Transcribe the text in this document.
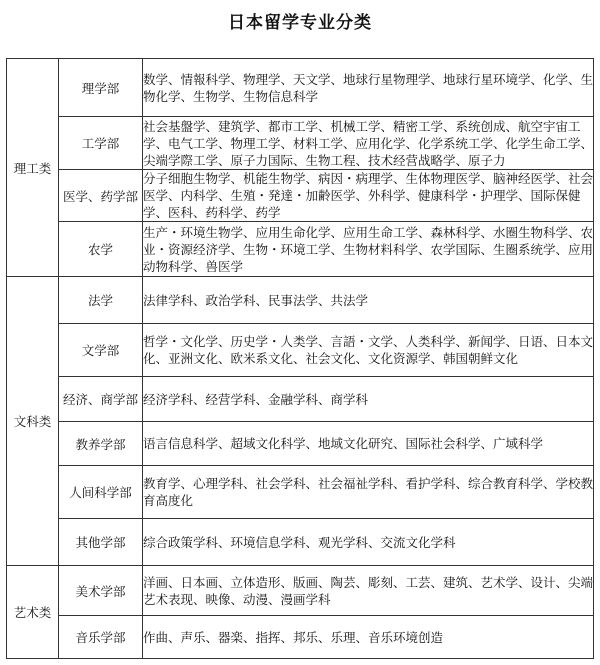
日本留学专业分类
理工类	理学部	数学、情報科学、物理学、天文学、地球行星物理学、地球行星环境学、化学、生物化学、生物学、生物信息科学
	工学部	社会基盤学、建筑学、都市工学、机械工学、精密工学、系统创成、航空宇宙工学、电气工学、物理工学、材料工学、应用化学、化学系统工学、化学生命工学、尖端学際工学、原子力国际、生物工程、技术经营战略学、原子力
	医学、药学部	分子细胞生物学、机能生物学、病因・病理学、生体物理医学、脑神经医学、社会医学、内科学、生殖・発達・加齢医学、外科学、健康科学・护理学、国际保健学、医科、药科学、药学
	农学	生产・环境生物学、应用生命化学、应用生命工学、森林科学、水圈生物科学、农业・资源经济学、生物・环境工学、生物材料科学、农学国际、生圈系统学、应用动物科学、兽医学
文科类	法学	法律学科、政治学科、民事法学、共法学
	文学部	哲学・文化学、历史学・人类学、言語・文学、人类科学、新闻学、日语、日本文化、亚洲文化、欧米系文化、社会文化、文化资源学、韩国朝鲜文化
	经济、商学部	经济学科、经营学科、金融学科、商学科
	教养学部	语言信息科学、超域文化科学、地域文化研究、国际社会科学、广域科学
	人间科学部	教育学、心理学科、社会学科、社会福祉学科、看护学科、综合教育科学、学校教育高度化
	其他学部	综合政策学科、环境信息学科、观光学科、交流文化学科
艺术类	美术学部	洋画、日本画、立体造形、版画、陶芸、彫刻、工芸、建筑、艺术学、设计、尖端艺术表现、映像、动漫、漫画学科
	音乐学部	作曲、声乐、器楽、指挥、邦乐、乐理、音乐环境创造
